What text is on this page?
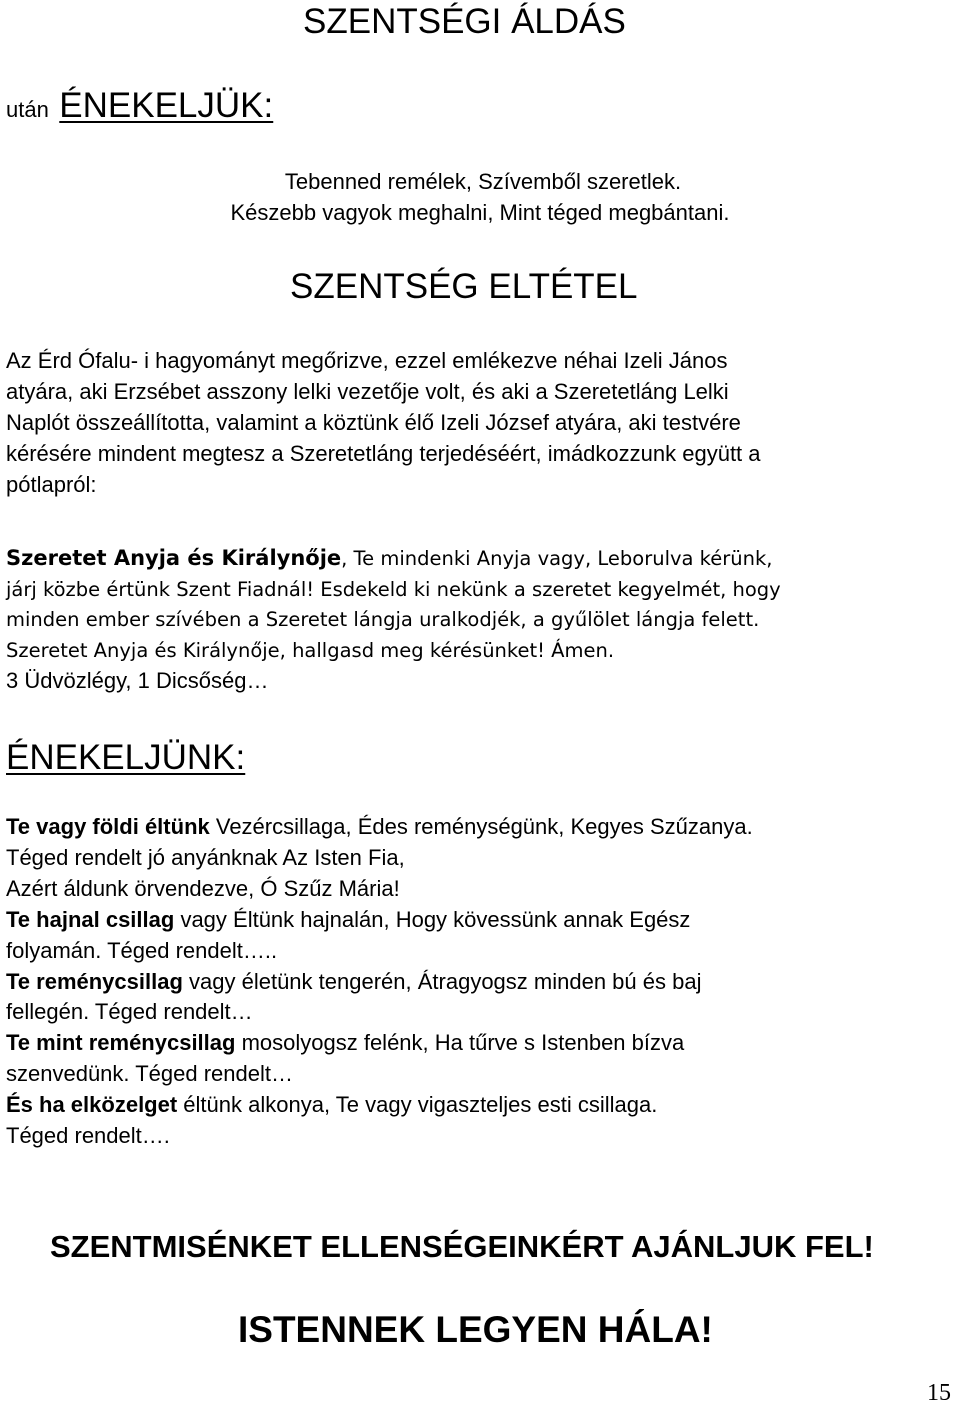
SZENTSÉGI ÁLDÁS
után ÉNEKELJÜK:
Tebenned remélek, Szívemből szeretlek.
Készebb vagyok meghalni, Mint téged megbántani.
SZENTSÉG ELTÉTEL
Az Érd Ófalu- i hagyományt megőrizve, ezzel emlékezve néhai Izeli János
atyára, aki Erzsébet asszony lelki vezetője volt, és aki a Szeretetláng Lelki
Naplót összeállította, valamint a köztünk élő Izeli József atyára, aki testvére
kérésére mindent megtesz a Szeretetláng terjedéséért, imádkozzunk együtt a
pótlapról:
Szeretet Anyja és Királynője, Te mindenki Anyja vagy, Leborulva kérünk,
járj közbe értünk Szent Fiadnál! Esdekeld ki nekünk a szeretet kegyelmét, hogy
minden ember szívében a Szeretet lángja uralkodjék, a gyűlölet lángja felett.
Szeretet Anyja és Királynője, hallgasd meg kérésünket! Ámen.
3 Üdvözlégy, 1 Dicsőség…
ÉNEKELJÜNK:
Te vagy földi éltünk Vezércsillaga, Édes reménységünk, Kegyes Szűzanya.
Téged rendelt jó anyánknak Az Isten Fia,
Azért áldunk örvendezve, Ó Szűz Mária!
Te hajnal csillag vagy Éltünk hajnalán, Hogy kövessünk annak Egész
folyamán. Téged rendelt…..
Te reménycsillag vagy életünk tengerén, Átragyogsz minden bú és baj
fellegén. Téged rendelt…
Te mint reménycsillag mosolyogsz felénk, Ha tűrve s Istenben bízva
szenvedünk. Téged rendelt…
És ha elközelget éltünk alkonya, Te vagy vigaszteljes esti csillaga.
Téged rendelt….
SZENTMISÉNKET ELLENSÉGEINKÉRT AJÁNLJUK FEL!
ISTENNEK LEGYEN HÁLA!
15
